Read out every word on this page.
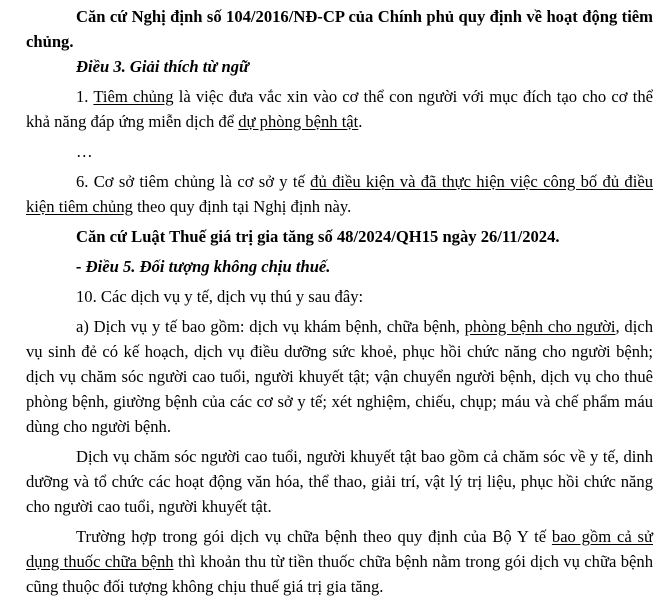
Căn cứ Nghị định số 104/2016/NĐ-CP của Chính phủ quy định về hoạt động tiêm chủng.

Điều 3. Giải thích từ ngữ

1. Tiêm chủng là việc đưa vắc xin vào cơ thể con người với mục đích tạo cho cơ thể khả năng đáp ứng miễn dịch để dự phòng bệnh tật.

…

6. Cơ sở tiêm chủng là cơ sở y tế đủ điều kiện và đã thực hiện việc công bố đủ điều kiện tiêm chủng theo quy định tại Nghị định này.

Căn cứ Luật Thuế giá trị gia tăng số 48/2024/QH15 ngày 26/11/2024.

- Điều 5. Đối tượng không chịu thuế.

10. Các dịch vụ y tế, dịch vụ thú y sau đây:

a) Dịch vụ y tế bao gồm: dịch vụ khám bệnh, chữa bệnh, phòng bệnh cho người, dịch vụ sinh đẻ có kế hoạch, dịch vụ điều dưỡng sức khoẻ, phục hồi chức năng cho người bệnh; dịch vụ chăm sóc người cao tuổi, người khuyết tật; vận chuyển người bệnh, dịch vụ cho thuê phòng bệnh, giường bệnh của các cơ sở y tế; xét nghiệm, chiếu, chụp; máu và chế phẩm máu dùng cho người bệnh.

Dịch vụ chăm sóc người cao tuổi, người khuyết tật bao gồm cả chăm sóc về y tế, dinh dưỡng và tổ chức các hoạt động văn hóa, thể thao, giải trí, vật lý trị liệu, phục hồi chức năng cho người cao tuổi, người khuyết tật.

Trường hợp trong gói dịch vụ chữa bệnh theo quy định của Bộ Y tế bao gồm cả sử dụng thuốc chữa bệnh thì khoản thu từ tiền thuốc chữa bệnh nằm trong gói dịch vụ chữa bệnh cũng thuộc đối tượng không chịu thuế giá trị gia tăng.
